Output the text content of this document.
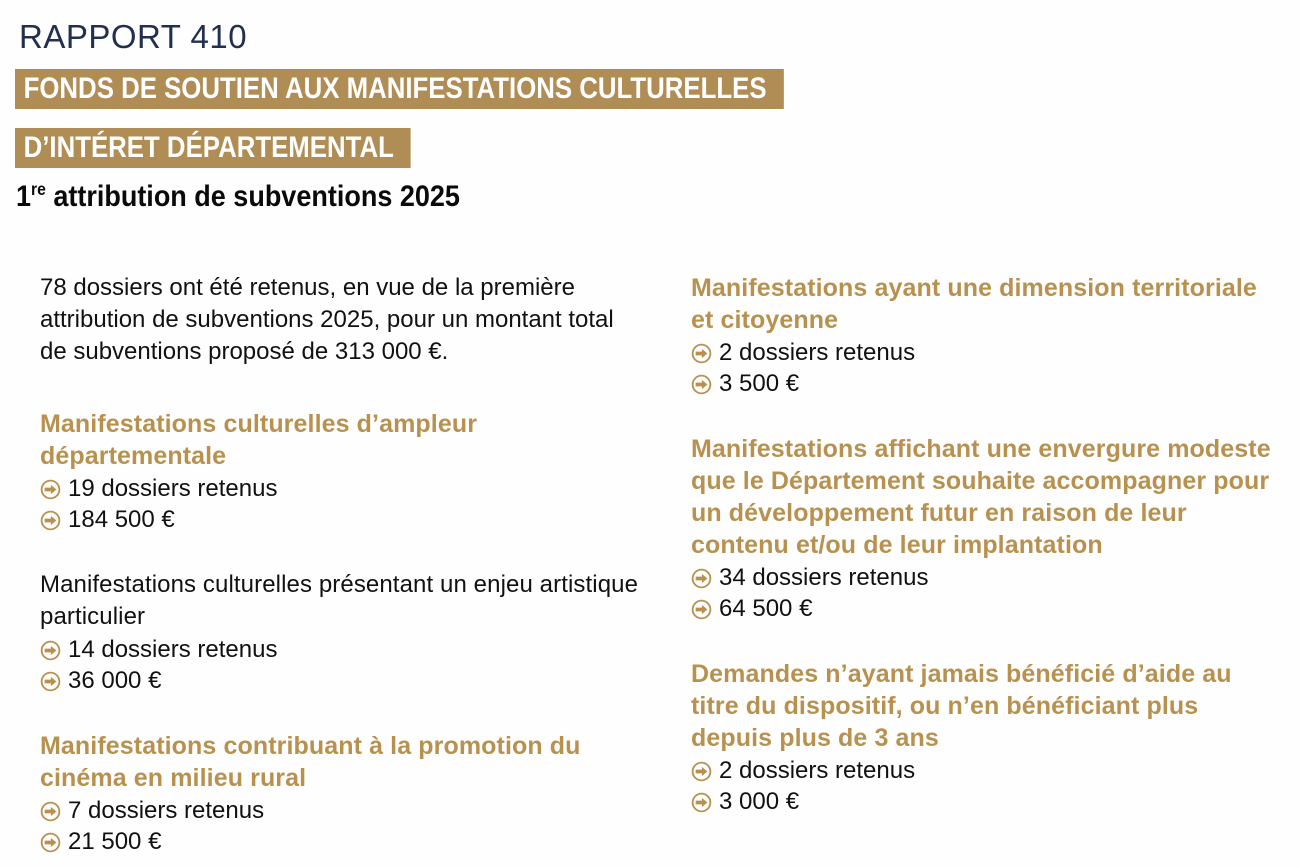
RAPPORT 410
FONDS DE SOUTIEN AUX MANIFESTATIONS CULTURELLES
D’INTÉRET DÉPARTEMENTAL
1re attribution de subventions 2025

78 dossiers ont été retenus, en vue de la première attribution de subventions 2025, pour un montant total de subventions proposé de 313 000 €.

Manifestations culturelles d’ampleur départementale
19 dossiers retenus
184 500 €
Manifestations culturelles présentant un enjeu artistique particulier
14 dossiers retenus
36 000 €
Manifestations contribuant à la promotion du cinéma en milieu rural
7 dossiers retenus
21 500 €
Manifestations ayant une dimension territoriale et citoyenne
2 dossiers retenus
3 500 €
Manifestations affichant une envergure modeste que le Département souhaite accompagner pour un développement futur en raison de leur contenu et/ou de leur implantation
34 dossiers retenus
64 500 €
Demandes n’ayant jamais bénéficié d’aide au titre du dispositif, ou n’en bénéficiant plus depuis plus de 3 ans
2 dossiers retenus
3 000 €
